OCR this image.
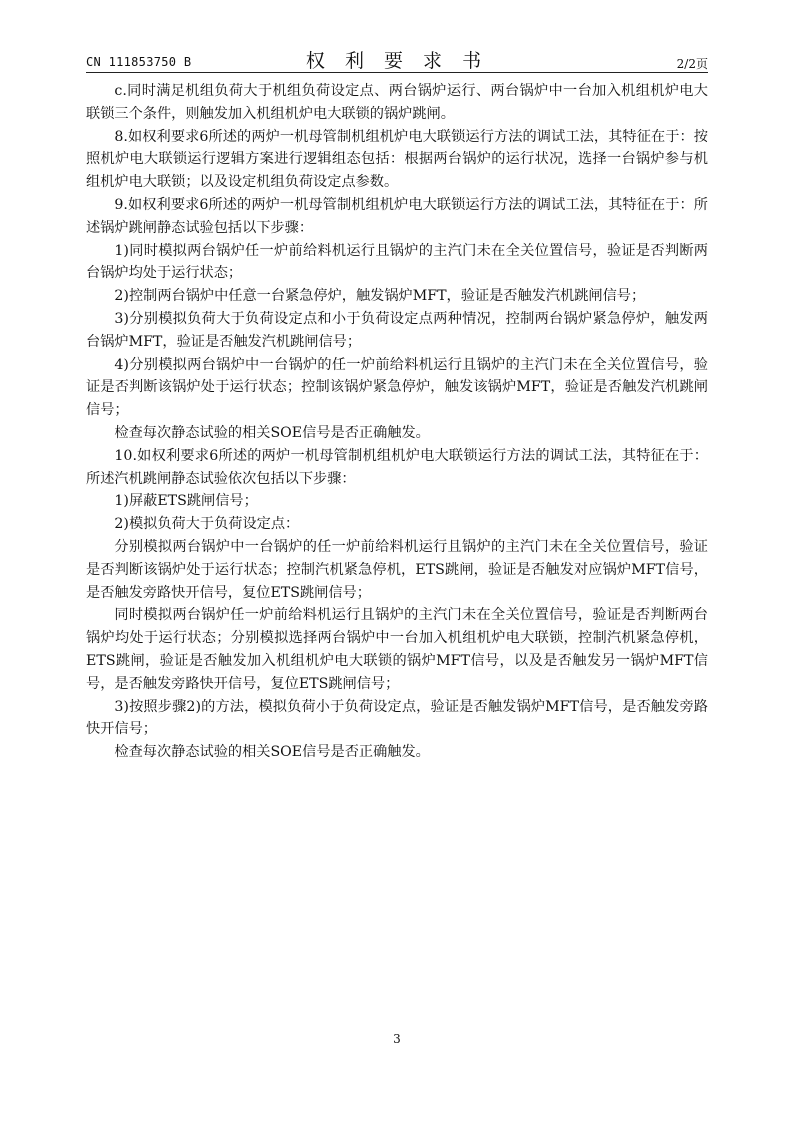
CN 111853750 B	权 利 要 求 书	2/2页

c.同时满足机组负荷大于机组负荷设定点、两台锅炉运行、两台锅炉中一台加入机组机炉电大联锁三个条件，则触发加入机组机炉电大联锁的锅炉跳闸。

8.如权利要求6所述的两炉一机母管制机组机炉电大联锁运行方法的调试工法，其特征在于：按照机炉电大联锁运行逻辑方案进行逻辑组态包括：根据两台锅炉的运行状况，选择一台锅炉参与机组机炉电大联锁；以及设定机组负荷设定点参数。

9.如权利要求6所述的两炉一机母管制机组机炉电大联锁运行方法的调试工法，其特征在于：所述锅炉跳闸静态试验包括以下步骤：

1)同时模拟两台锅炉任一炉前给料机运行且锅炉的主汽门未在全关位置信号，验证是否判断两台锅炉均处于运行状态；

2)控制两台锅炉中任意一台紧急停炉，触发锅炉MFT，验证是否触发汽机跳闸信号；

3)分别模拟负荷大于负荷设定点和小于负荷设定点两种情况，控制两台锅炉紧急停炉，触发两台锅炉MFT，验证是否触发汽机跳闸信号；

4)分别模拟两台锅炉中一台锅炉的任一炉前给料机运行且锅炉的主汽门未在全关位置信号，验证是否判断该锅炉处于运行状态；控制该锅炉紧急停炉，触发该锅炉MFT，验证是否触发汽机跳闸信号；

检查每次静态试验的相关SOE信号是否正确触发。

10.如权利要求6所述的两炉一机母管制机组机炉电大联锁运行方法的调试工法，其特征在于：所述汽机跳闸静态试验依次包括以下步骤：

1)屏蔽ETS跳闸信号；

2)模拟负荷大于负荷设定点：

分别模拟两台锅炉中一台锅炉的任一炉前给料机运行且锅炉的主汽门未在全关位置信号，验证是否判断该锅炉处于运行状态；控制汽机紧急停机，ETS跳闸，验证是否触发对应锅炉MFT信号，是否触发旁路快开信号，复位ETS跳闸信号；

同时模拟两台锅炉任一炉前给料机运行且锅炉的主汽门未在全关位置信号，验证是否判断两台锅炉均处于运行状态；分别模拟选择两台锅炉中一台加入机组机炉电大联锁，控制汽机紧急停机，ETS跳闸，验证是否触发加入机组机炉电大联锁的锅炉MFT信号，以及是否触发另一锅炉MFT信号，是否触发旁路快开信号，复位ETS跳闸信号；

3)按照步骤2)的方法，模拟负荷小于负荷设定点，验证是否触发锅炉MFT信号，是否触发旁路快开信号；

检查每次静态试验的相关SOE信号是否正确触发。

3
